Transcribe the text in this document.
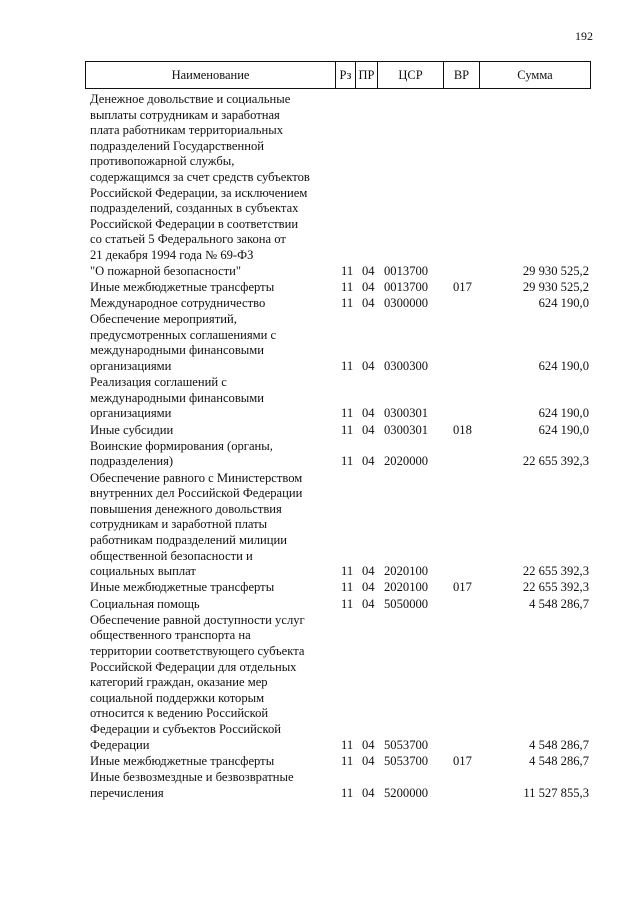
192
Наименование	Рз ПР	ЦСР	ВР	Сумма
Денежное довольствие и социальные
выплаты сотрудникам и заработная
плата работникам территориальных
подразделений Государственной
противопожарной службы,
содержащимся за счет средств субъектов
Российской Федерации, за исключением
подразделений, созданных в субъектах
Российской Федерации в соответствии
со статьей 5 Федерального закона от
21 декабря 1994 года № 69-ФЗ
"О пожарной безопасности"	11 04 0013700	29 930 525,2
Иные межбюджетные трансферты	11 04 0013700 017	29 930 525,2
Международное сотрудничество	11 04 0300000	624 190,0
Обеспечение мероприятий,
предусмотренных соглашениями с
международными финансовыми
организациями	11 04 0300300	624 190,0
Реализация соглашений с
международными финансовыми
организациями	11 04 0300301	624 190,0
Иные субсидии	11 04 0300301 018	624 190,0
Воинские формирования (органы,
подразделения)	11 04 2020000	22 655 392,3
Обеспечение равного с Министерством
внутренних дел Российской Федерации
повышения денежного довольствия
сотрудникам и заработной платы
работникам подразделений милиции
общественной безопасности и
социальных выплат	11 04 2020100	22 655 392,3
Иные межбюджетные трансферты	11 04 2020100 017	22 655 392,3
Социальная помощь	11 04 5050000	4 548 286,7
Обеспечение равной доступности услуг
общественного транспорта на
территории соответствующего субъекта
Российской Федерации для отдельных
категорий граждан, оказание мер
социальной поддержки которым
относится к ведению Российской
Федерации и субъектов Российской
Федерации	11 04 5053700	4 548 286,7
Иные межбюджетные трансферты	11 04 5053700 017	4 548 286,7
Иные безвозмездные и безвозвратные
перечисления	11 04 5200000	11 527 855,3
